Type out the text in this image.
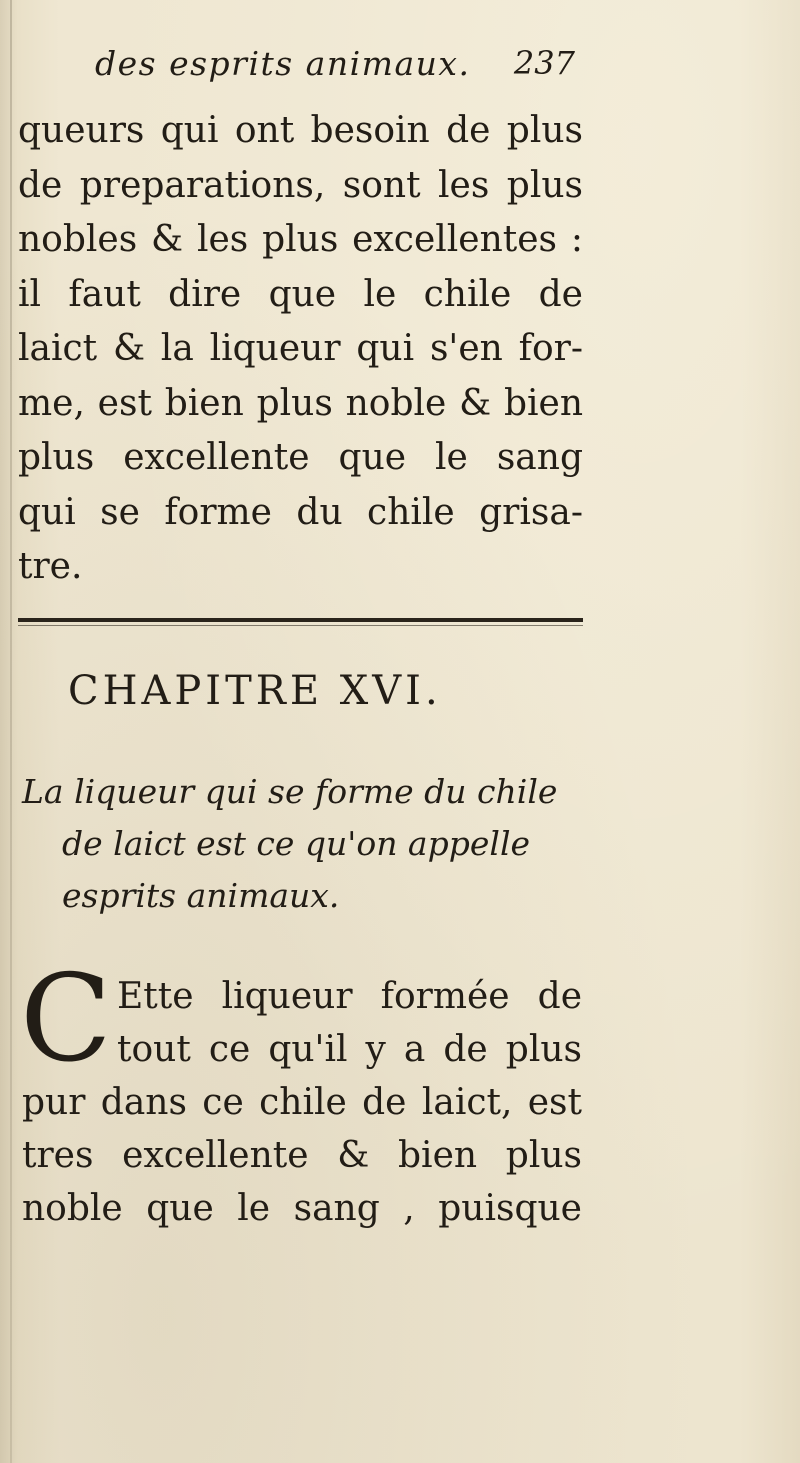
des esprits animaux. 237

queurs qui ont besoin de plus
de preparations, sont les plus
nobles & les plus excellentes :
il faut dire que le chile de
laict & la liqueur qui s'en for-
me, est bien plus noble & bien
plus excellente que le sang
qui se forme du chile grisa-
tre.

CHAPITRE XVI.

La liqueur qui se forme du chile
de laict est ce qu'on appelle
esprits animaux.

C Ette liqueur formée de
tout ce qu'il y a de plus
pur dans ce chile de laict, est
tres excellente & bien plus
noble que le sang , puisque
